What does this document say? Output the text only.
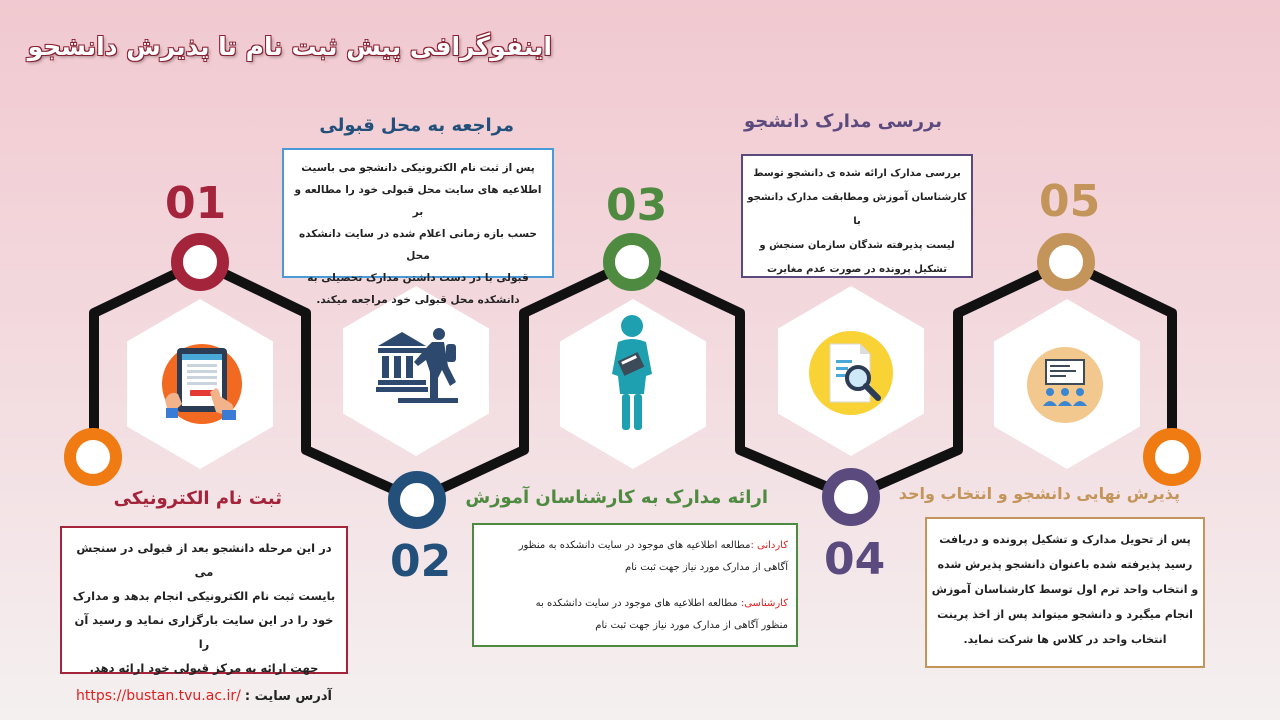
اینفوگرافی پیش ثبت نام تا پذیرش دانشجو
01
02
03
04
05
ثبت نام الکترونیکی
مراجعه به محل قبولی
ارائه مدارک به کارشناسان آموزش
بررسی مدارک دانشجو
پذیرش نهایی دانشجو و انتخاب واحد

در این مرحله دانشجو بعد از قبولی در سنجش می

بایست ثبت نام الکترونیکی انجام بدهد و مدارک

خود را در این سایت بارگزاری نماید و رسید آن را

جهت ارائه به مرکز قبولی خود ارائه دهد.

آدرس سایت : https://bustan.tvu.ac.ir/

پس از ثبت نام الکترونیکی دانشجو می باسیت

اطلاعیه های سایت محل قبولی خود را مطالعه و بر

حسب بازه زمانی اعلام شده در سایت دانشکده محل

قبولی با در دست داشتن مدارک تحصیلی به

دانشکده محل قبولی خود مراجعه میکند.

کاردانی :مطالعه اطلاعیه های موجود در سایت دانشکده به منظور

آگاهی از مدارک مورد نیاز جهت ثبت نام

کارشناسی: مطالعه اطلاعیه های موجود در سایت دانشکده به

منظور آگاهی از مدارک مورد نیاز جهت ثبت نام

بررسی مدارک ارائه شده ی دانشجو توسط

کارشناسان آموزش ومطابقت مدارک دانشجو با

لیست پذیرفته شدگان سازمان سنجش و

تشکیل پرونده در صورت عدم مغایرت

پس از تحویل مدارک و تشکیل پرونده و دریافت

رسید پذیرفته شده باعنوان دانشجو پذیرش شده

و انتخاب واحد ترم اول توسط کارشناسان آموزش

انجام میگیرد و دانشجو میتواند پس از اخذ پرینت

انتخاب واحد در کلاس ها شرکت نماید.
